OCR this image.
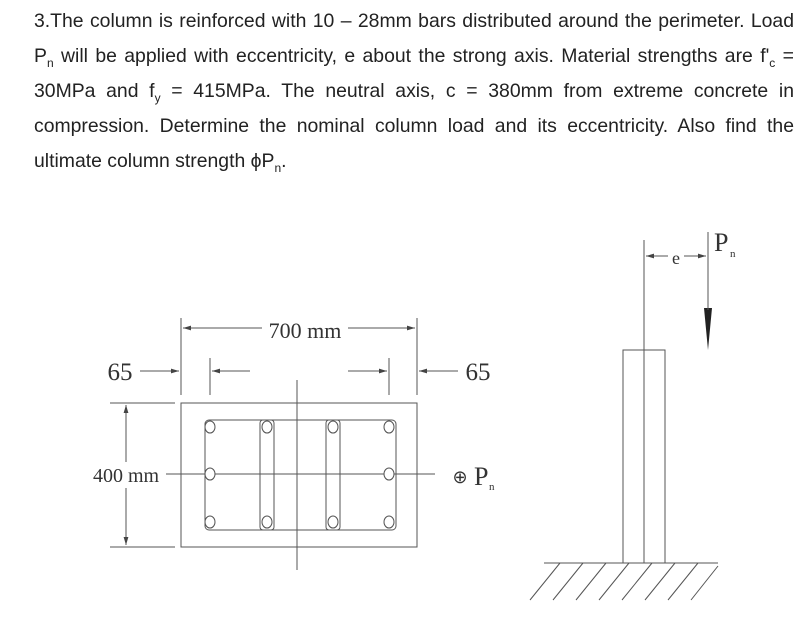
3.The column is reinforced with 10 – 28mm bars distributed around the perimeter. Load $P_n$ will be applied with eccentricity, e about the strong axis. Material strengths are $f'_c = 30MPa$ and $f_y = 415MPa$. The neutral axis, c = 380mm from extreme concrete in compression. Determine the nominal column load and its eccentricity. Also find the ultimate column strength $\phi P_n$.
700 mm
65	65
400 mm	⊕ P n
e
P n
